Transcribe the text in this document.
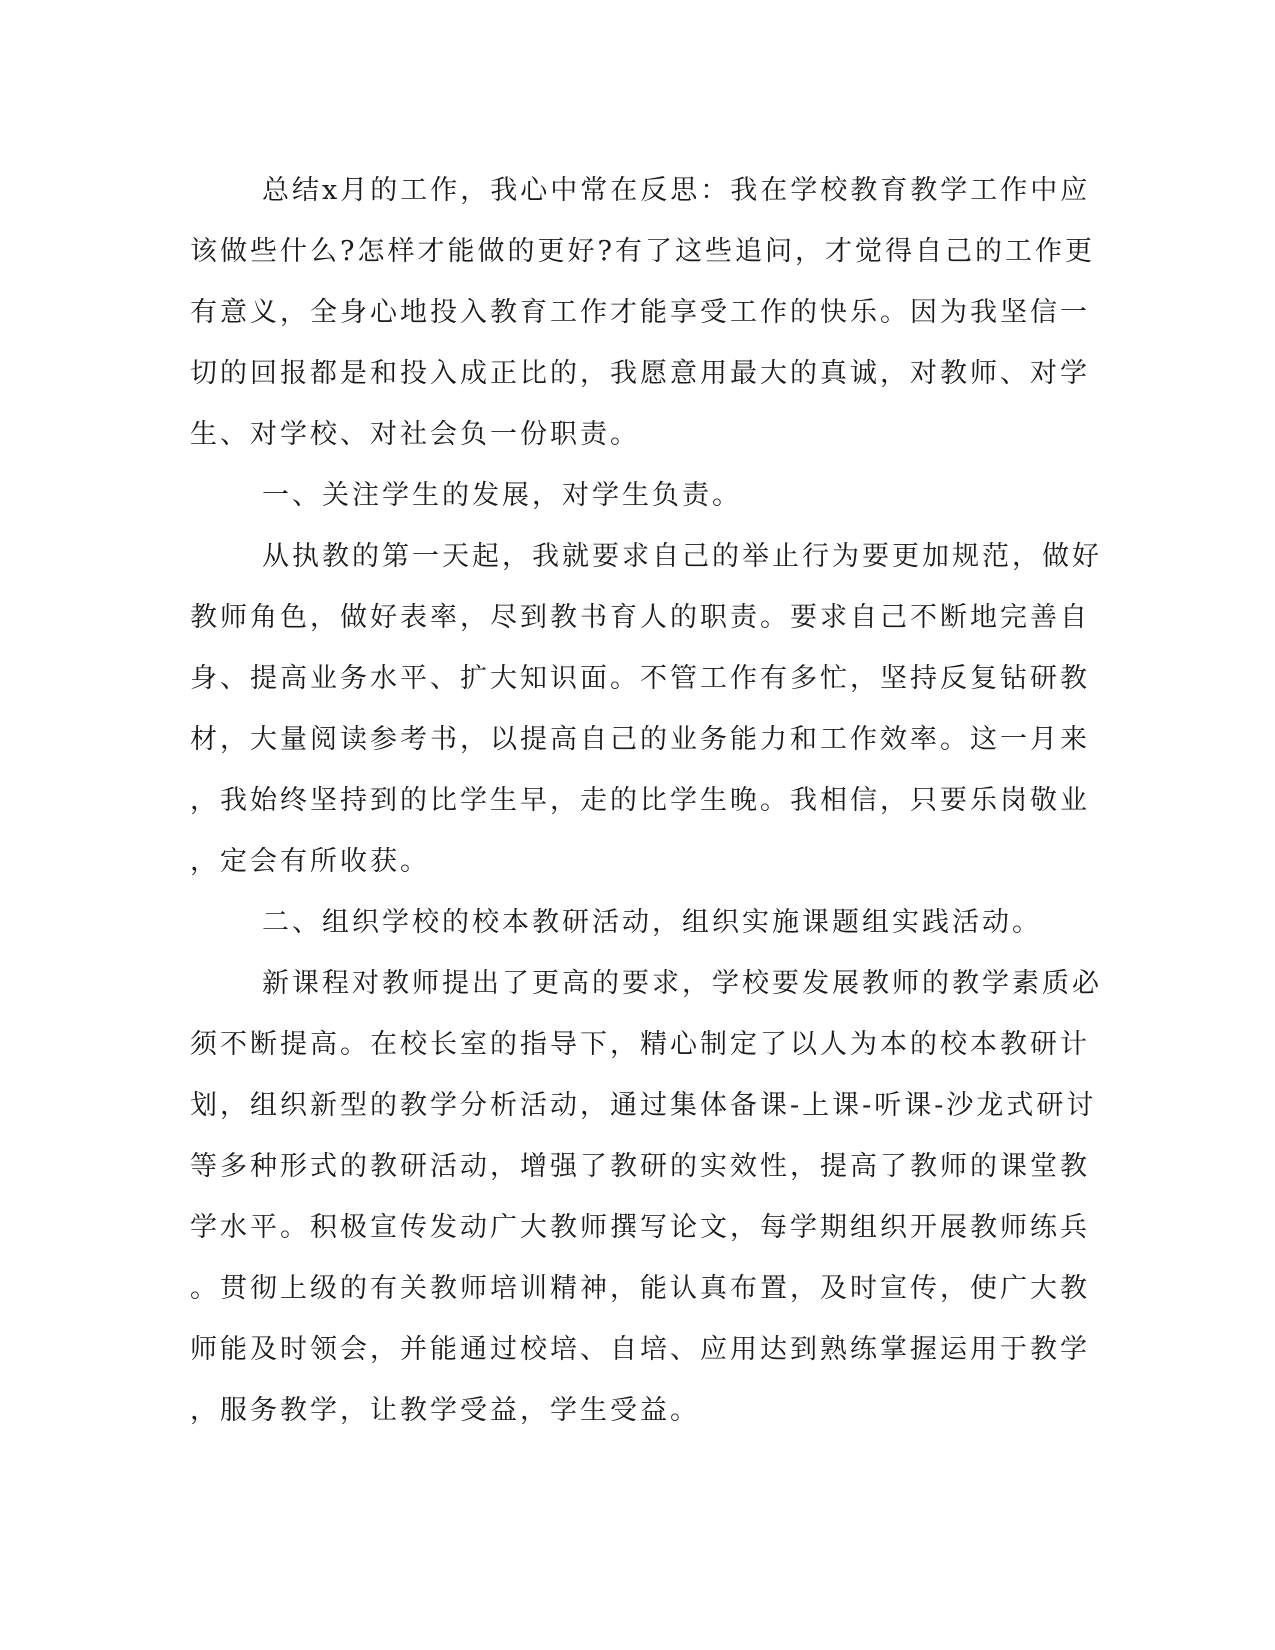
总结x月的工作，我心中常在反思：我在学校教育教学工作中应
该做些什么?怎样才能做的更好?有了这些追问，才觉得自己的工作更
有意义，全身心地投入教育工作才能享受工作的快乐。因为我坚信一
切的回报都是和投入成正比的，我愿意用最大的真诚，对教师、对学
生、对学校、对社会负一份职责。
一、关注学生的发展，对学生负责。
从执教的第一天起，我就要求自己的举止行为要更加规范，做好
教师角色，做好表率，尽到教书育人的职责。要求自己不断地完善自
身、提高业务水平、扩大知识面。不管工作有多忙，坚持反复钻研教
材，大量阅读参考书，以提高自己的业务能力和工作效率。这一月来
，我始终坚持到的比学生早，走的比学生晚。我相信，只要乐岗敬业
，定会有所收获。
二、组织学校的校本教研活动，组织实施课题组实践活动。
新课程对教师提出了更高的要求，学校要发展教师的教学素质必
须不断提高。在校长室的指导下，精心制定了以人为本的校本教研计
划，组织新型的教学分析活动，通过集体备课-上课-听课-沙龙式研讨
等多种形式的教研活动，增强了教研的实效性，提高了教师的课堂教
学水平。积极宣传发动广大教师撰写论文，每学期组织开展教师练兵
。贯彻上级的有关教师培训精神，能认真布置，及时宣传，使广大教
师能及时领会，并能通过校培、自培、应用达到熟练掌握运用于教学
，服务教学，让教学受益，学生受益。
